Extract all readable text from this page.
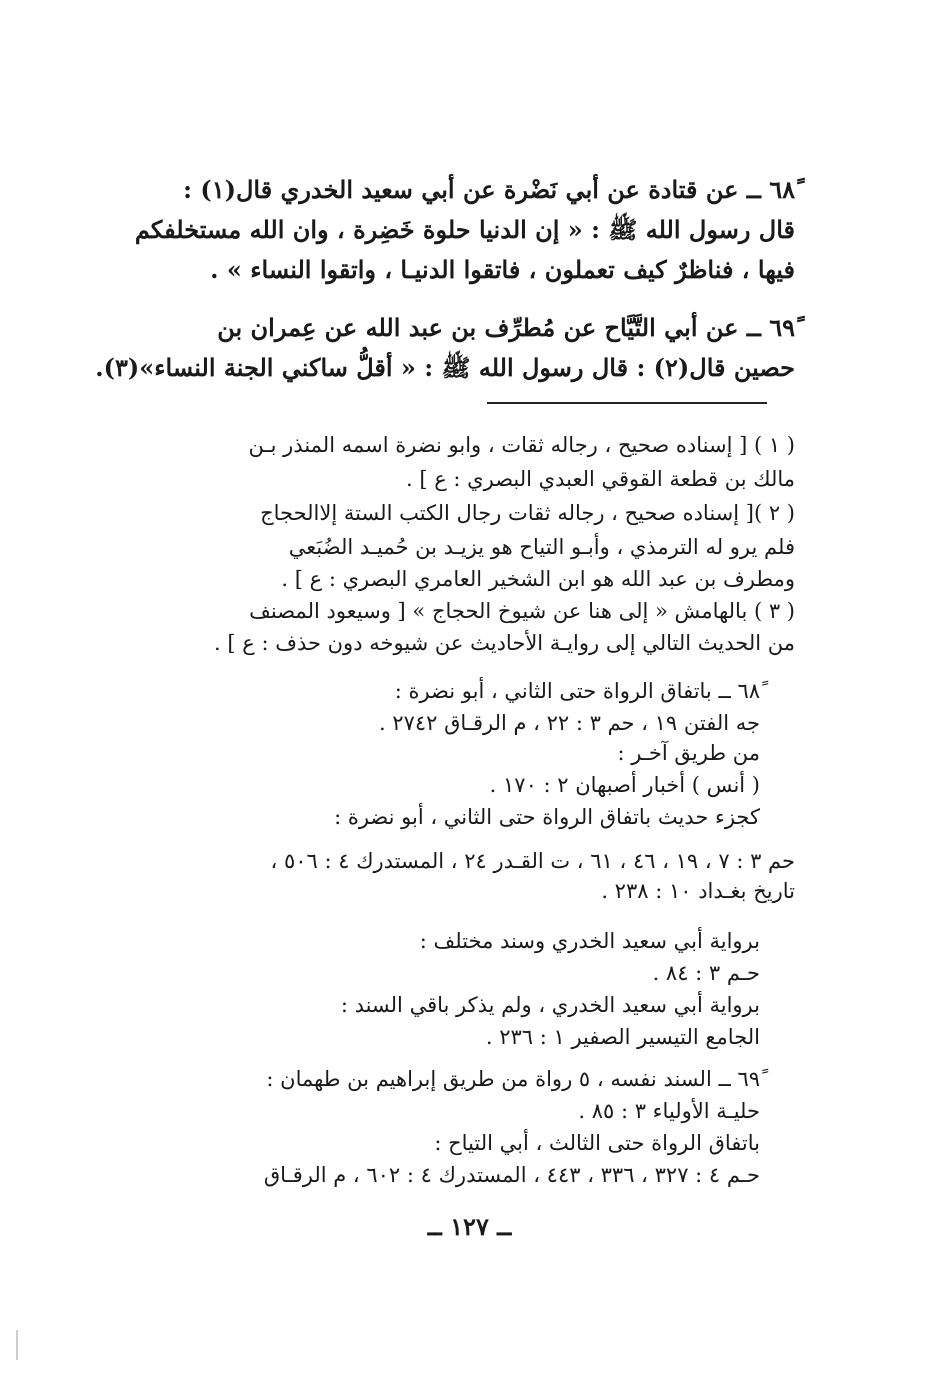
٦٨ً ــ عن قتادة عن أبي نَضْرة عن أبي سعيد الخدري قال(١) :

قال رسول الله ﷺ : « إن الدنيا حلوة خَضِرة ، وان الله مستخلفكم

فيها ، فناظرٌ كيف تعملون ، فاتقوا الدنيـا ، واتقوا النساء » .

٦٩ً ــ عن أبي التَّيَّاح عن مُطرِّف بن عبد الله عن عِمران بن

حصين قال(٢) : قال رسول الله ﷺ : « أقلُّ ساكني الجنة النساء»(٣).

( ١ ) [ إسناده صحيح ، رجاله ثقات ، وابو نضرة اسمه المنذر بـن

مالك بن قطعة القوقي العبدي البصري : ع ] .

( ٢ )[ إسناده صحيح ، رجاله ثقات رجال الكتب الستة إلاالحجاج

فلم يرو له الترمذي ، وأبـو التياح هو يزيـد بن حُميـد الضُبَعي

ومطرف بن عبد الله هو ابن الشخير العامري البصري : ع ] .

( ٣ ) بالهامش « إلى هنا عن شيوخ الحجاج » [ وسيعود المصنف

من الحديث التالي إلى روايـة الأحاديث عن شيوخه دون حذف : ع ] .

٦٨ً ــ باتفاق الرواة حتى الثاني ، أبو نضرة :

جه الفتن ١٩ ، حم ٣ : ٢٢ ، م الرقـاق ٢٧٤٢ .

من طريق آخـر :

( أنس ) أخبار أصبهان ٢ : ١٧٠ .

كجزء حديث باتفاق الرواة حتى الثاني ، أبو نضرة :

حم ٣ : ٧ ، ١٩ ، ٤٦ ، ٦١ ، ت القـدر ٢٤ ، المستدرك ٤ : ٥٠٦ ،

تاريخ بغـداد ١٠ : ٢٣٨ .

برواية أبي سعيد الخدري وسند مختلف :

حـم ٣ : ٨٤ .

برواية أبي سعيد الخدري ، ولم يذكر باقي السند :

الجامع التيسير الصفير ١ : ٢٣٦ .

٦٩ً ــ السند نفسه ، ٥ رواة من طريق إبراهيم بن طهمان :

حليـة الأولياء ٣ : ٨٥ .

باتفاق الرواة حتى الثالث ، أبي التياح :

حـم ٤ : ٣٢٧ ، ٣٣٦ ، ٤٤٣ ، المستدرك ٤ : ٦٠٢ ، م الرقـاق

ــ ١٢٧ ــ
